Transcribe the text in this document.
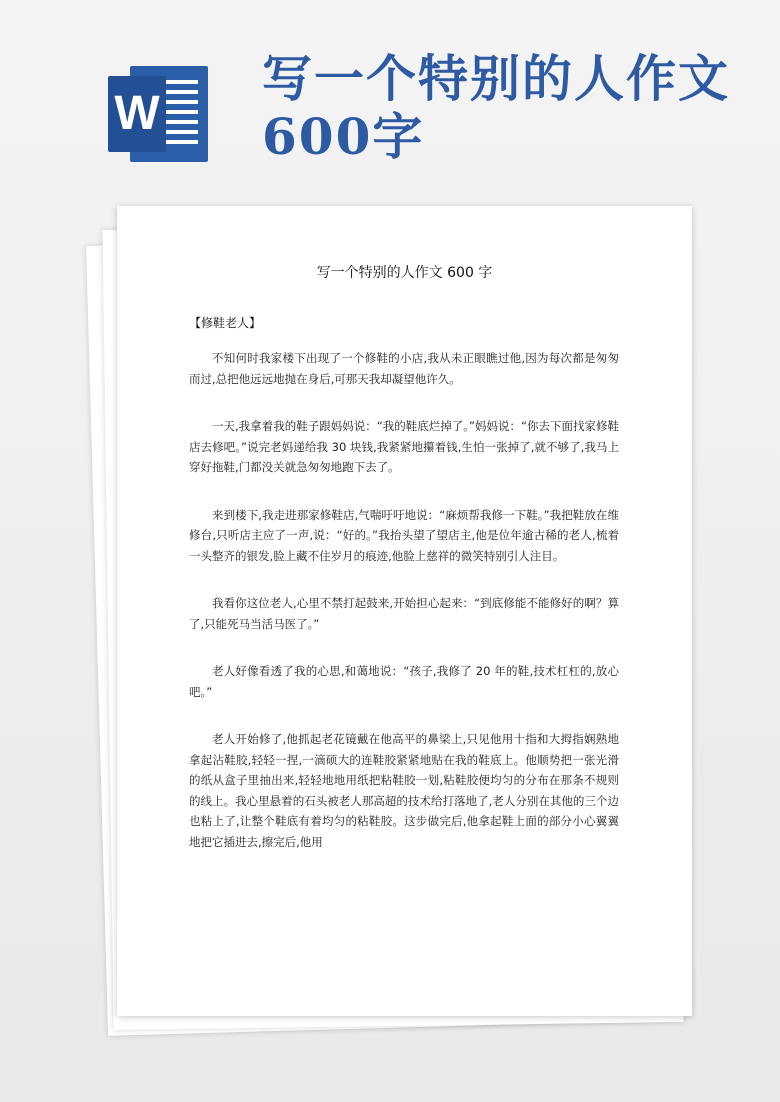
W
写一个特别的人作文600字
写一个特别的人作文 600 字
【修鞋老人】

不知何时我家楼下出现了一个修鞋的小店,我从未正眼瞧过他,因为每次都是匆匆而过,总把他远远地抛在身后,可那天我却凝望他许久。

一天,我拿着我的鞋子跟妈妈说：“我的鞋底烂掉了。”妈妈说：“你去下面找家修鞋店去修吧。”说完老妈递给我 30 块钱,我紧紧地攥着钱,生怕一张掉了,就不够了,我马上穿好拖鞋,门都没关就急匆匆地跑下去了。

来到楼下,我走进那家修鞋店,气喘吁吁地说：“麻烦帮我修一下鞋。”我把鞋放在维修台,只听店主应了一声,说：“好的。”我抬头望了望店主,他是位年逾古稀的老人,梳着一头整齐的银发,脸上藏不住岁月的痕迹,他脸上慈祥的微笑特别引人注目。

我看你这位老人,心里不禁打起鼓来,开始担心起来：“到底修能不能修好的啊？算了,只能死马当活马医了。”

老人好像看透了我的心思,和蔼地说：“孩子,我修了 20 年的鞋,技术杠杠的,放心吧。”

老人开始修了,他抓起老花镜戴在他高平的鼻梁上,只见他用十指和大拇指娴熟地拿起沾鞋胶,轻轻一捏,一滴硕大的连鞋胶紧紧地贴在我的鞋底上。他顺势把一张光滑的纸从盒子里抽出来,轻轻地地用纸把粘鞋胶一划,粘鞋胶便均匀的分布在那条不规则的线上。我心里悬着的石头被老人那高超的技术给打落地了,老人分别在其他的三个边也粘上了,让整个鞋底有着均匀的粘鞋胶。这步做完后,他拿起鞋上面的部分小心翼翼地把它插进去,擦完后,他用
